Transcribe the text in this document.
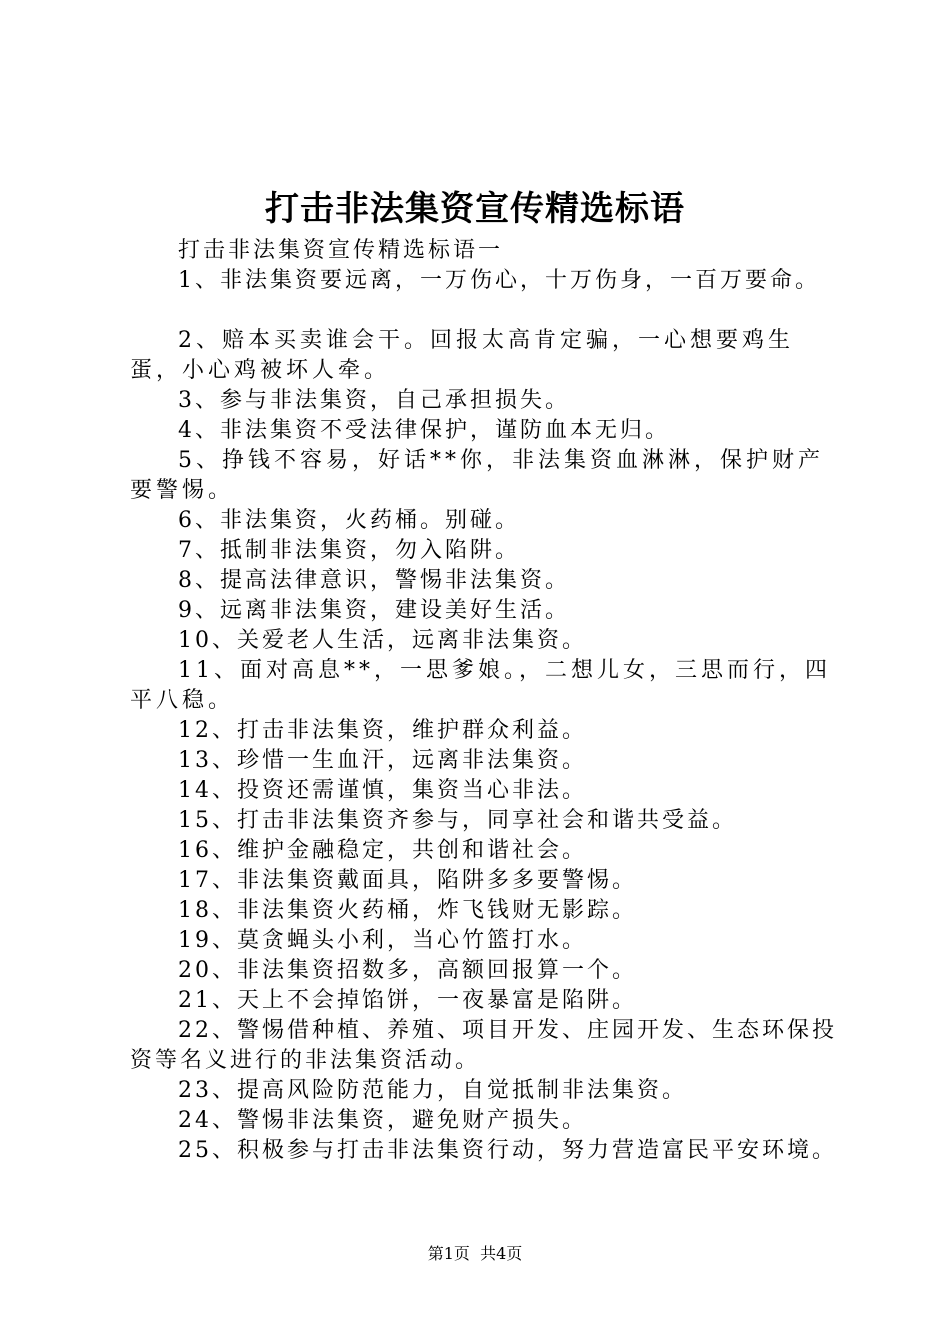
打击非法集资宣传精选标语

打击非法集资宣传精选标语一

1、非法集资要远离，一万伤心，十万伤身，一百万要命。

2、赔本买卖谁会干。回报太高肯定骗，一心想要鸡生蛋，小心鸡被坏人牵。

3、参与非法集资，自己承担损失。

4、非法集资不受法律保护，谨防血本无归。

5、挣钱不容易，好话**你，非法集资血淋淋，保护财产要警惕。

6、非法集资，火药桶。别碰。

7、抵制非法集资，勿入陷阱。

8、提高法律意识，警惕非法集资。

9、远离非法集资，建设美好生活。

10、关爱老人生活，远离非法集资。

11、面对高息**，一思爹娘。，二想儿女，三思而行，四平八稳。

12、打击非法集资，维护群众利益。

13、珍惜一生血汗，远离非法集资。

14、投资还需谨慎，集资当心非法。

15、打击非法集资齐参与，同享社会和谐共受益。

16、维护金融稳定，共创和谐社会。

17、非法集资戴面具，陷阱多多要警惕。

18、非法集资火药桶，炸飞钱财无影踪。

19、莫贪蝇头小利，当心竹篮打水。

20、非法集资招数多，高额回报算一个。

21、天上不会掉馅饼，一夜暴富是陷阱。

22、警惕借种植、养殖、项目开发、庄园开发、生态环保投资等名义进行的非法集资活动。

23、提高风险防范能力，自觉抵制非法集资。

24、警惕非法集资，避免财产损失。

25、积极参与打击非法集资行动，努力营造富民平安环境。

第1页 共4页
